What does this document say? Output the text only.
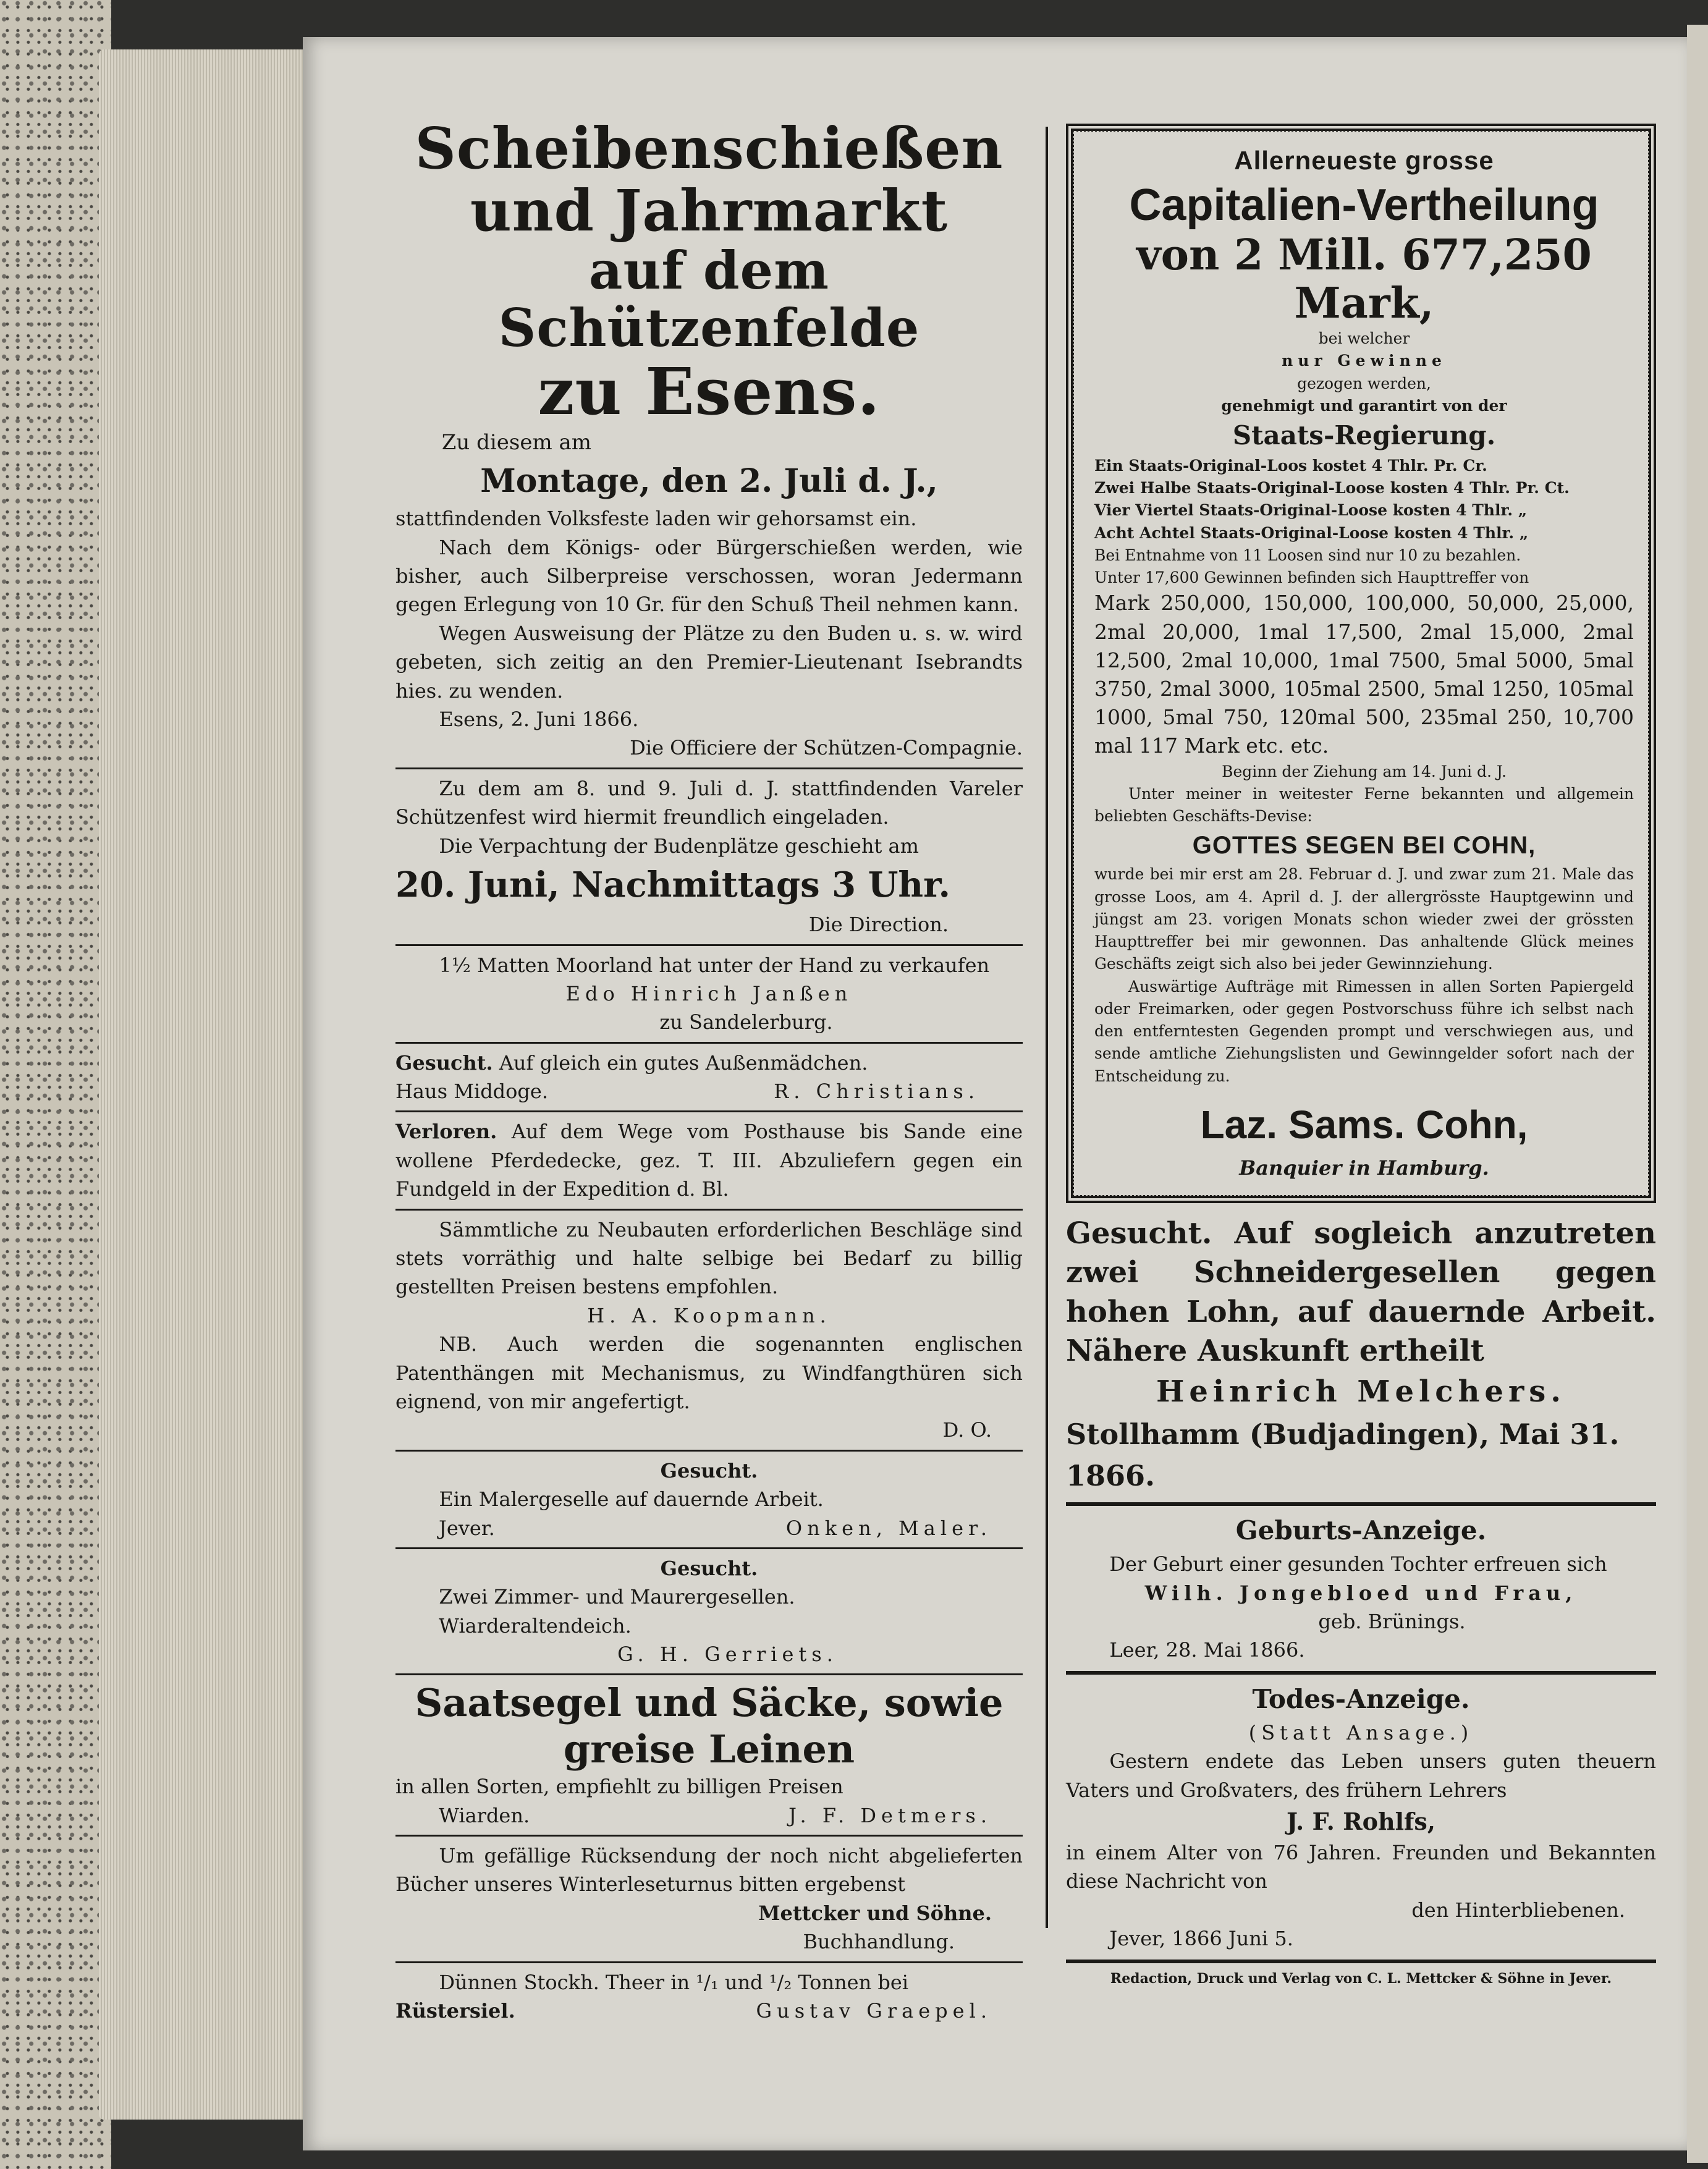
Scheibenschießen
und Jahrmarkt
auf dem Schützenfelde
zu Esens.
Zu diesem am
Montage, den 2. Juli d. J.,
stattfindenden Volksfeste laden wir gehorsamst ein.
Nach dem Königs- oder Bürgerschießen werden, wie bisher, auch Silberpreise verschossen, woran Jedermann gegen Erlegung von 10 Gr. für den Schuß Theil nehmen kann.
Wegen Ausweisung der Plätze zu den Buden u. s. w. wird gebeten, sich zeitig an den Premier-Lieutenant Isebrandts hies. zu wenden.
Esens, 2. Juni 1866.
Die Officiere der Schützen-Compagnie.
Zu dem am 8. und 9. Juli d. J. stattfindenden Vareler Schützenfest wird hiermit freundlich eingeladen.
Die Verpachtung der Budenplätze geschieht am
20. Juni, Nachmittags 3 Uhr.
Die Direction.
1½ Matten Moorland hat unter der Hand zu verkaufen
Edo Hinrich Janßen
zu Sandelerburg.
Gesucht. Auf gleich ein gutes Außenmädchen.
Haus Middoge.	R. Christians.
Verloren. Auf dem Wege vom Posthause bis Sande eine wollene Pferdedecke, gez. T. III. Abzuliefern gegen ein Fundgeld in der Expedition d. Bl.
Sämmtliche zu Neubauten erforderlichen Beschläge sind stets vorräthig und halte selbige bei Bedarf zu billig gestellten Preisen bestens empfohlen.
H. A. Koopmann.
NB. Auch werden die sogenannten englischen Patenthängen mit Mechanismus, zu Windfangthüren sich eignend, von mir angefertigt.
D. O.
Gesucht.
Ein Malergeselle auf dauernde Arbeit.
Jever.	Onken, Maler.
Gesucht.
Zwei Zimmer- und Maurergesellen.
Wiarderaltendeich.
G. H. Gerriets.
Saatsegel und Säcke, sowie
greise Leinen
in allen Sorten, empfiehlt zu billigen Preisen
Wiarden.	J. F. Detmers.
Um gefällige Rücksendung der noch nicht abgelieferten Bücher unseres Winterleseturnus bitten ergebenst
Mettcker und Söhne.
Buchhandlung.
Dünnen Stockh. Theer in ¹/₁ und ¹/₂ Tonnen bei
Rüstersiel.	Gustav Graepel.
Allerneueste grosse
Capitalien-Vertheilung
von 2 Mill. 677,250 Mark,
bei welcher
nur Gewinne
gezogen werden,
genehmigt und garantirt von der
Staats-Regierung.
Ein Staats-Original-Loos kostet 4 Thlr. Pr. Cr.
Zwei Halbe Staats-Original-Loose kosten 4 Thlr. Pr. Ct.
Vier Viertel Staats-Original-Loose kosten 4 Thlr. „
Acht Achtel Staats-Original-Loose kosten 4 Thlr. „
Bei Entnahme von 11 Loosen sind nur 10 zu bezahlen.
Unter 17,600 Gewinnen befinden sich Haupttreffer von
Mark 250,000, 150,000, 100,000, 50,000, 25,000, 2mal 20,000, 1mal 17,500, 2mal 15,000, 2mal 12,500, 2mal 10,000, 1mal 7500, 5mal 5000, 5mal 3750, 2mal 3000, 105mal 2500, 5mal 1250, 105mal 1000, 5mal 750, 120mal 500, 235mal 250, 10,700 mal 117 Mark etc. etc.
Beginn der Ziehung am 14. Juni d. J.
Unter meiner in weitester Ferne bekannten und allgemein beliebten Geschäfts-Devise:
GOTTES SEGEN BEI COHN,
wurde bei mir erst am 28. Februar d. J. und zwar zum 21. Male das grosse Loos, am 4. April d. J. der allergrösste Hauptgewinn und jüngst am 23. vorigen Monats schon wieder zwei der grössten Haupttreffer bei mir gewonnen. Das anhaltende Glück meines Geschäfts zeigt sich also bei jeder Gewinnziehung.
Auswärtige Aufträge mit Rimessen in allen Sorten Papiergeld oder Freimarken, oder gegen Postvorschuss führe ich selbst nach den entferntesten Gegenden prompt und verschwiegen aus, und sende amtliche Ziehungslisten und Gewinngelder sofort nach der Entscheidung zu.
Laz. Sams. Cohn,
Banquier in Hamburg.
Gesucht. Auf sogleich anzutreten zwei Schneidergesellen gegen hohen Lohn, auf dauernde Arbeit. Nähere Auskunft ertheilt
Heinrich Melchers.
Stollhamm (Budjadingen), Mai 31. 1866.
Geburts-Anzeige.
Der Geburt einer gesunden Tochter erfreuen sich
Wilh. Jongebloed und Frau,
geb. Brünings.
Leer, 28. Mai 1866.
Todes-Anzeige.
(Statt Ansage.)
Gestern endete das Leben unsers guten theuern Vaters und Großvaters, des frühern Lehrers
J. F. Rohlfs,
in einem Alter von 76 Jahren. Freunden und Bekannten diese Nachricht von
den Hinterbliebenen.
Jever, 1866 Juni 5.
Redaction, Druck und Verlag von C. L. Mettcker & Söhne in Jever.
